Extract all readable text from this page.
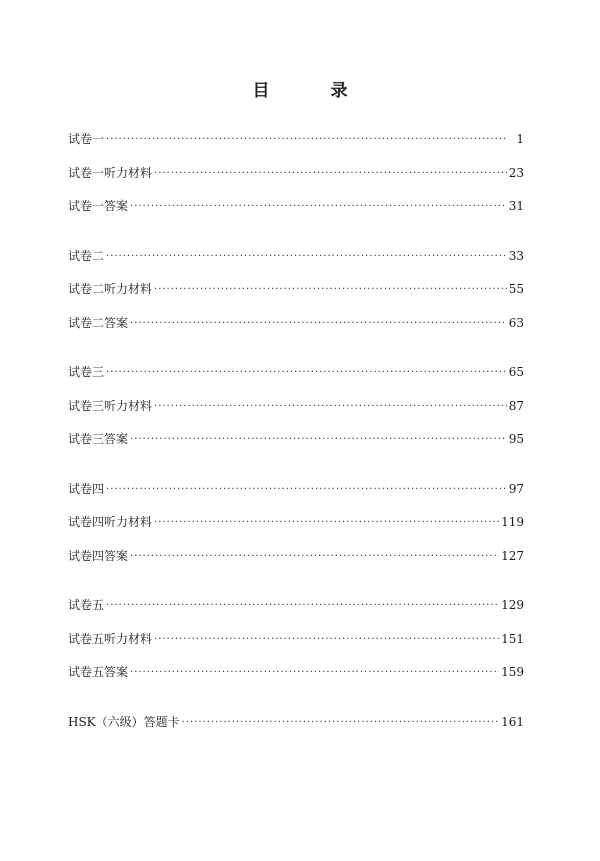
目　录
试卷一 ·····	1
试卷一听力材料 ·····	23
试卷一答案 ·····	31
试卷二 ·····	33
试卷二听力材料 ·····	55
试卷二答案 ·····	63
试卷三 ·····	65
试卷三听力材料 ·····	87
试卷三答案 ·····	95
试卷四 ·····	97
试卷四听力材料 ·····	119
试卷四答案 ·····	127
试卷五 ·····	129
试卷五听力材料 ·····	151
试卷五答案 ·····	159
HSK（六级）答题卡 ·····	161
